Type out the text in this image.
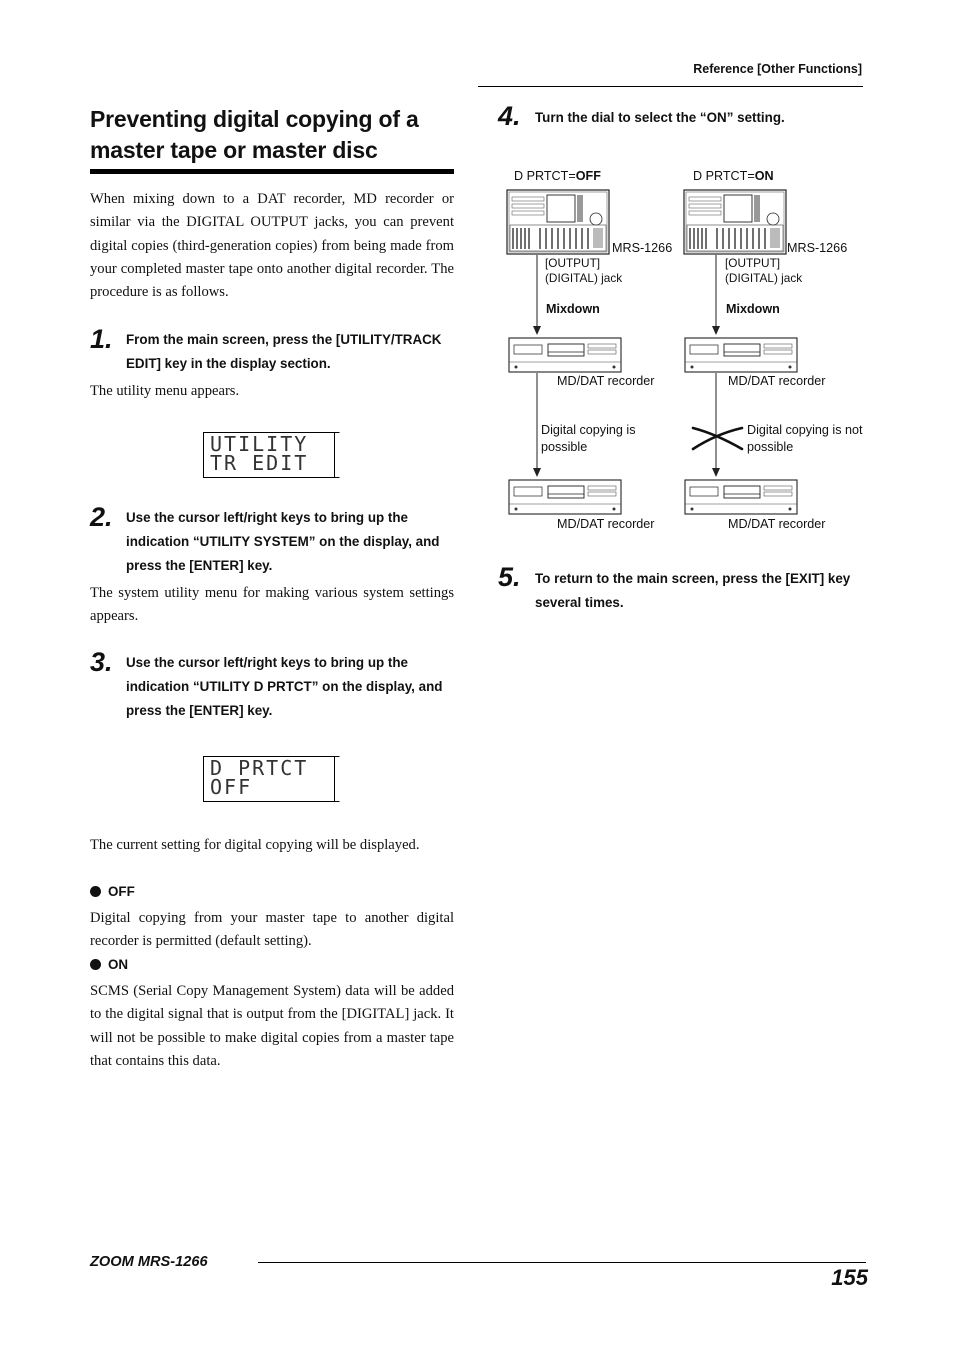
Reference [Other Functions]
Preventing digital copying of a master tape or master disc
When mixing down to a DAT recorder, MD recorder or similar via the DIGITAL OUTPUT jacks, you can prevent digital copies (third-generation copies) from being made from your completed master tape onto another digital recorder. The procedure is as follows.
1. From the main screen, press the [UTILITY/TRACK EDIT] key in the display section.
The utility menu appears.
UTILITY
TR EDIT
2. Use the cursor left/right keys to bring up the indication “UTILITY SYSTEM” on the display, and press the [ENTER] key.
The system utility menu for making various system settings appears.
3. Use the cursor left/right keys to bring up the indication “UTILITY D PRTCT” on the display, and press the [ENTER] key.
D PRTCT
OFF
The current setting for digital copying will be displayed.
OFF
Digital copying from your master tape to another digital recorder is permitted (default setting).
ON
SCMS (Serial Copy Management System) data will be added to the digital signal that is output from the [DIGITAL] jack. It will not be possible to make digital copies from a master tape that contains this data.
4. Turn the dial to select the “ON” setting.
D PRTCT=OFF	D PRTCT=ON
MRS-1266	MRS-1266
[OUTPUT]
(DIGITAL) jack
[OUTPUT]
(DIGITAL) jack
Mixdown	Mixdown
MD/DAT recorder	MD/DAT recorder
Digital copying is possible
Digital copying is not possible
MD/DAT recorder	MD/DAT recorder
5. To return to the main screen, press the [EXIT] key several times.
ZOOM MRS-1266
155
